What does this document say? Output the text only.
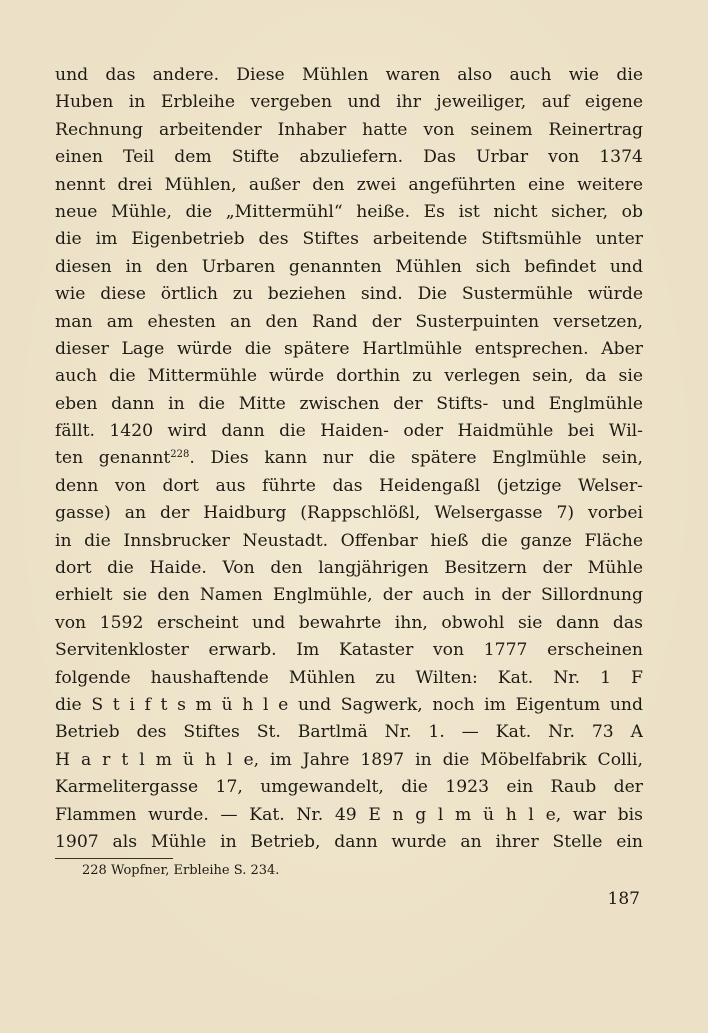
und das andere. Diese Mühlen waren also auch wie die
Huben in Erbleihe vergeben und ihr jeweiliger, auf eigene
Rechnung arbeitender Inhaber hatte von seinem Reinertrag
einen Teil dem Stifte abzuliefern. Das Urbar von 1374
nennt drei Mühlen, außer den zwei angeführten eine weitere
neue Mühle, die „Mittermühl“ heiße. Es ist nicht sicher, ob
die im Eigenbetrieb des Stiftes arbeitende Stiftsmühle unter
diesen in den Urbaren genannten Mühlen sich befindet und
wie diese örtlich zu beziehen sind. Die Sustermühle würde
man am ehesten an den Rand der Susterpuinten versetzen,
dieser Lage würde die spätere Hartlmühle entsprechen. Aber
auch die Mittermühle würde dorthin zu verlegen sein, da sie
eben dann in die Mitte zwischen der Stifts- und Englmühle
fällt. 1420 wird dann die Haiden- oder Haidmühle bei Wil-
ten genannt$^{228}$. Dies kann nur die spätere Englmühle sein,
denn von dort aus führte das Heidengaßl (jetzige Welser-
gasse) an der Haidburg (Rappschlößl, Welsergasse 7) vorbei
in die Innsbrucker Neustadt. Offenbar hieß die ganze Fläche
dort die Haide. Von den langjährigen Besitzern der Mühle
erhielt sie den Namen Englmühle, der auch in der Sillordnung
von 1592 erscheint und bewahrte ihn, obwohl sie dann das
Servitenkloster erwarb. Im Kataster von 1777 erscheinen
folgende haushaftende Mühlen zu Wilten: Kat. Nr. 1 F
die S t i f t s m ü h l e und Sagwerk, noch im Eigentum und
Betrieb des Stiftes St. Bartlmä Nr. 1. — Kat. Nr. 73 A
H a r t l m ü h l e, im Jahre 1897 in die Möbelfabrik Colli,
Karmelitergasse 17, umgewandelt, die 1923 ein Raub der
Flammen wurde. — Kat. Nr. 49 E n g l m ü h l e, war bis
1907 als Mühle in Betrieb, dann wurde an ihrer Stelle ein
228 Wopfner, Erbleihe S. 234.
187
